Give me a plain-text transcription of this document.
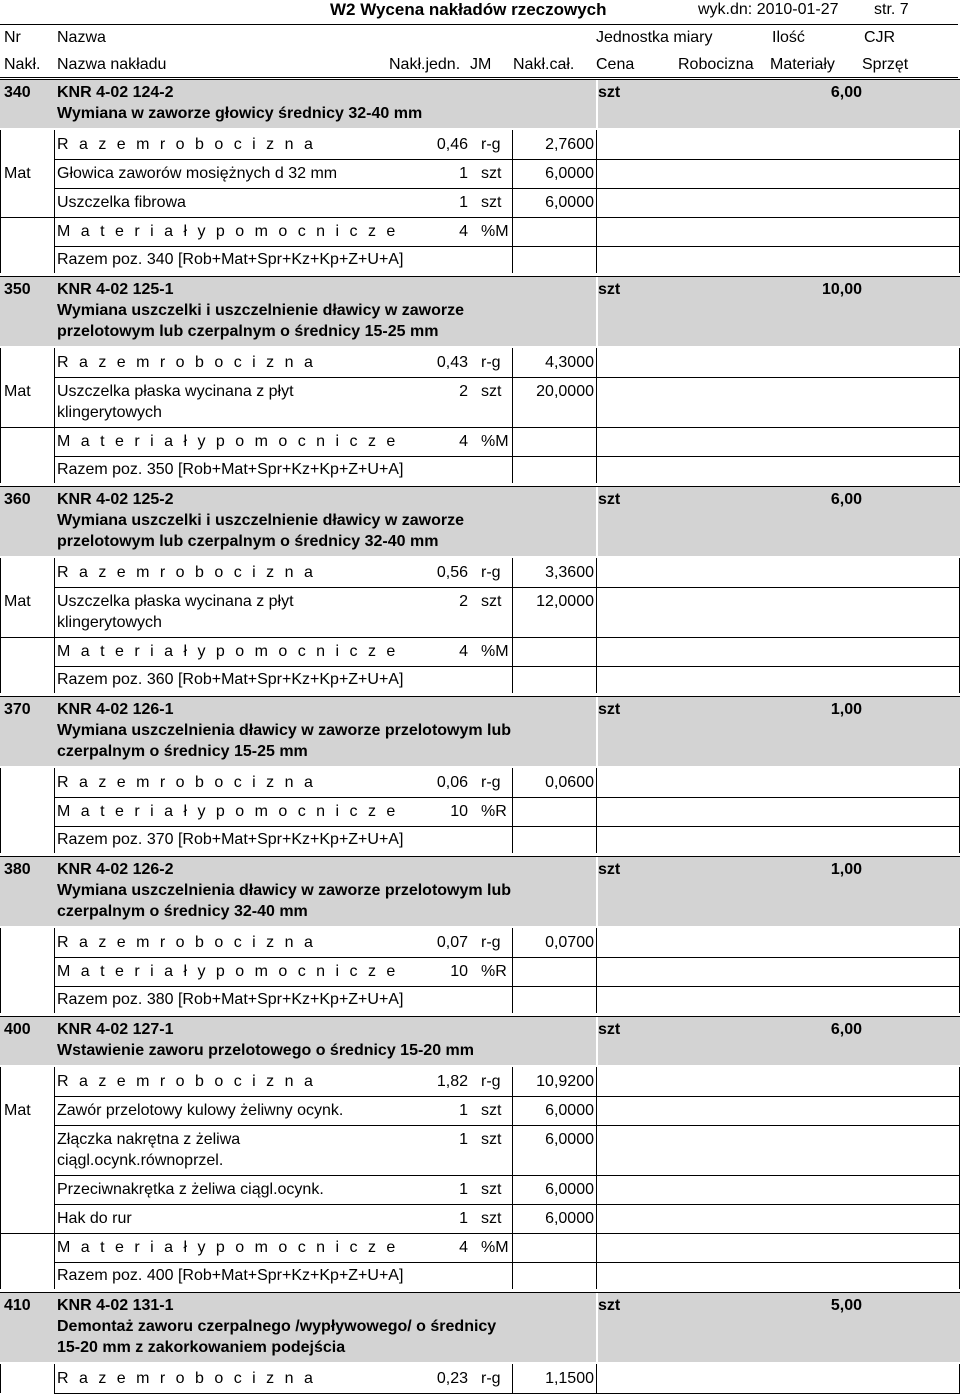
W2 Wycena nakładów rzeczowych	wyk.dn: 2010-01-27 str. 7
Nr Nazwa	Jednostka miary	Ilość	CJR
Nakł. Nazwa nakładu	Nakł.jedn. JM Nakł.cał. Cena	Robocizna Materiały Sprzęt
340 KNR 4-02 124-2
Wymiana w zaworze głowicy średnicy 32-40 mm
szt	6,00
R a z e m r o b o c i z n a	0,46 r-g	2,7600
Mat Głowica zaworów mosiężnych d 32 mm	1 szt	6,0000
Uszczelka fibrowa	1 szt	6,0000
M a t e r i a ł y p o m o c n i c z e	4 %M
Razem poz. 340 [Rob+Mat+Spr+Kz+Kp+Z+U+A]
350 KNR 4-02 125-1
Wymiana uszczelki i uszczelnienie dławicy w zaworze
przelotowym lub czerpalnym o średnicy 15-25 mm
szt	10,00
R a z e m r o b o c i z n a	0,43 r-g	4,3000
Mat Uszczelka płaska wycinana z płyt
klingerytowych
2 szt	20,0000
M a t e r i a ł y p o m o c n i c z e	4 %M
Razem poz. 350 [Rob+Mat+Spr+Kz+Kp+Z+U+A]
360 KNR 4-02 125-2
Wymiana uszczelki i uszczelnienie dławicy w zaworze
przelotowym lub czerpalnym o średnicy 32-40 mm
szt	6,00
R a z e m r o b o c i z n a	0,56 r-g	3,3600
Mat Uszczelka płaska wycinana z płyt
klingerytowych
2 szt	12,0000
M a t e r i a ł y p o m o c n i c z e	4 %M
Razem poz. 360 [Rob+Mat+Spr+Kz+Kp+Z+U+A]
370 KNR 4-02 126-1
Wymiana uszczelnienia dławicy w zaworze przelotowym lub
czerpalnym o średnicy 15-25 mm
szt	1,00
R a z e m r o b o c i z n a	0,06 r-g	0,0600
M a t e r i a ł y p o m o c n i c z e	10 %R
Razem poz. 370 [Rob+Mat+Spr+Kz+Kp+Z+U+A]
380 KNR 4-02 126-2
Wymiana uszczelnienia dławicy w zaworze przelotowym lub
czerpalnym o średnicy 32-40 mm
szt	1,00
R a z e m r o b o c i z n a	0,07 r-g	0,0700
M a t e r i a ł y p o m o c n i c z e	10 %R
Razem poz. 380 [Rob+Mat+Spr+Kz+Kp+Z+U+A]
400 KNR 4-02 127-1
Wstawienie zaworu przelotowego o średnicy 15-20 mm
szt	6,00
R a z e m r o b o c i z n a	1,82 r-g	10,9200
Mat Zawór przelotowy kulowy żeliwny ocynk.	1 szt	6,0000
Złączka nakrętna z żeliwa
ciągl.ocynk.równoprzel.
1 szt	6,0000
Przeciwnakrętka z żeliwa ciągl.ocynk.	1 szt	6,0000
Hak do rur	1 szt	6,0000
M a t e r i a ł y p o m o c n i c z e	4 %M
Razem poz. 400 [Rob+Mat+Spr+Kz+Kp+Z+U+A]
410 KNR 4-02 131-1
Demontaż zaworu czerpalnego /wypływowego/ o średnicy
15-20 mm z zakorkowaniem podejścia
szt	5,00
R a z e m r o b o c i z n a	0,23 r-g	1,1500
